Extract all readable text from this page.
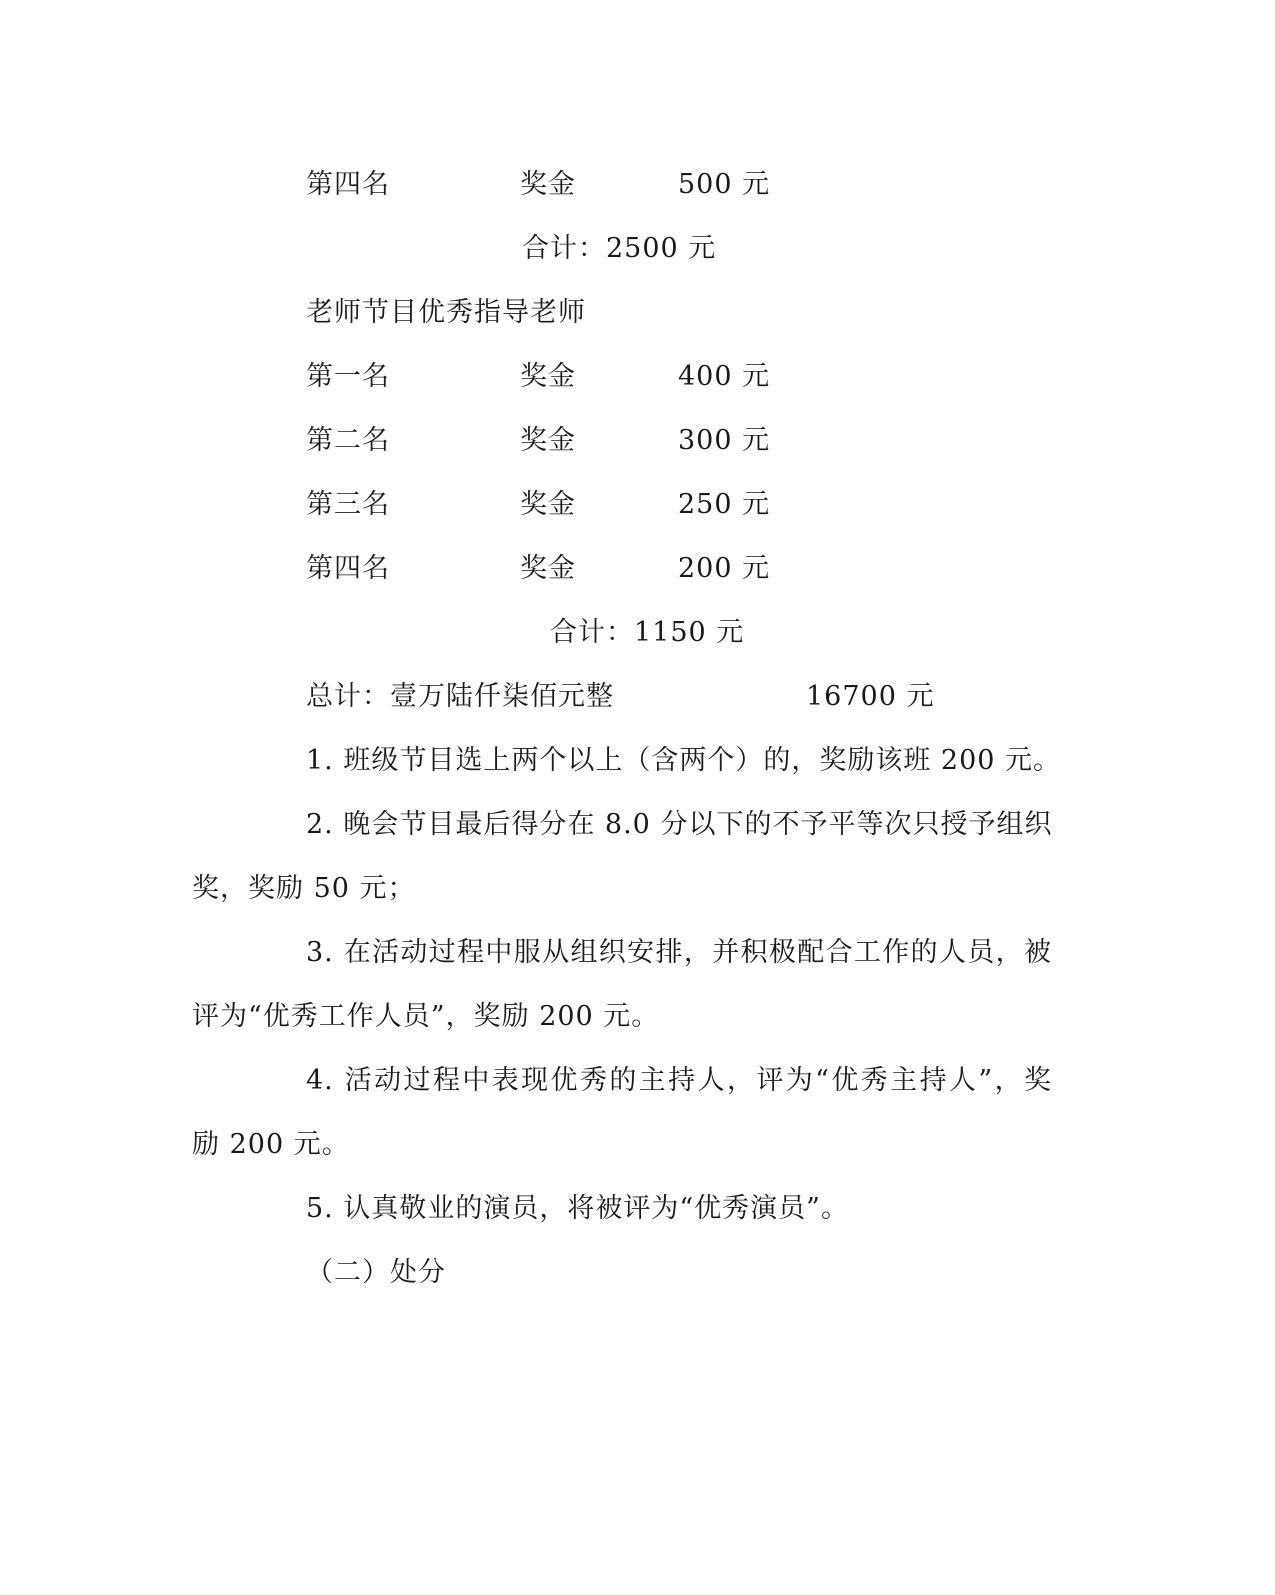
第四名	奖金	500 元
合计：2500 元
老师节目优秀指导老师
第一名	奖金	400 元
第二名	奖金	300 元
第三名	奖金	250 元
第四名	奖金	200 元
合计：1150 元
总计：壹万陆仟柒佰元整	16700 元
1. 班级节目选上两个以上（含两个）的，奖励该班 200 元。
2. 晚会节目最后得分在 8.0 分以下的不予平等次只授予组织
奖，奖励 50 元；
3. 在活动过程中服从组织安排，并积极配合工作的人员，被
评为“优秀工作人员”，奖励 200 元。
4. 活动过程中表现优秀的主持人，评为“优秀主持人”，奖
励 200 元。
5. 认真敬业的演员，将被评为“优秀演员”。
（二）处分
